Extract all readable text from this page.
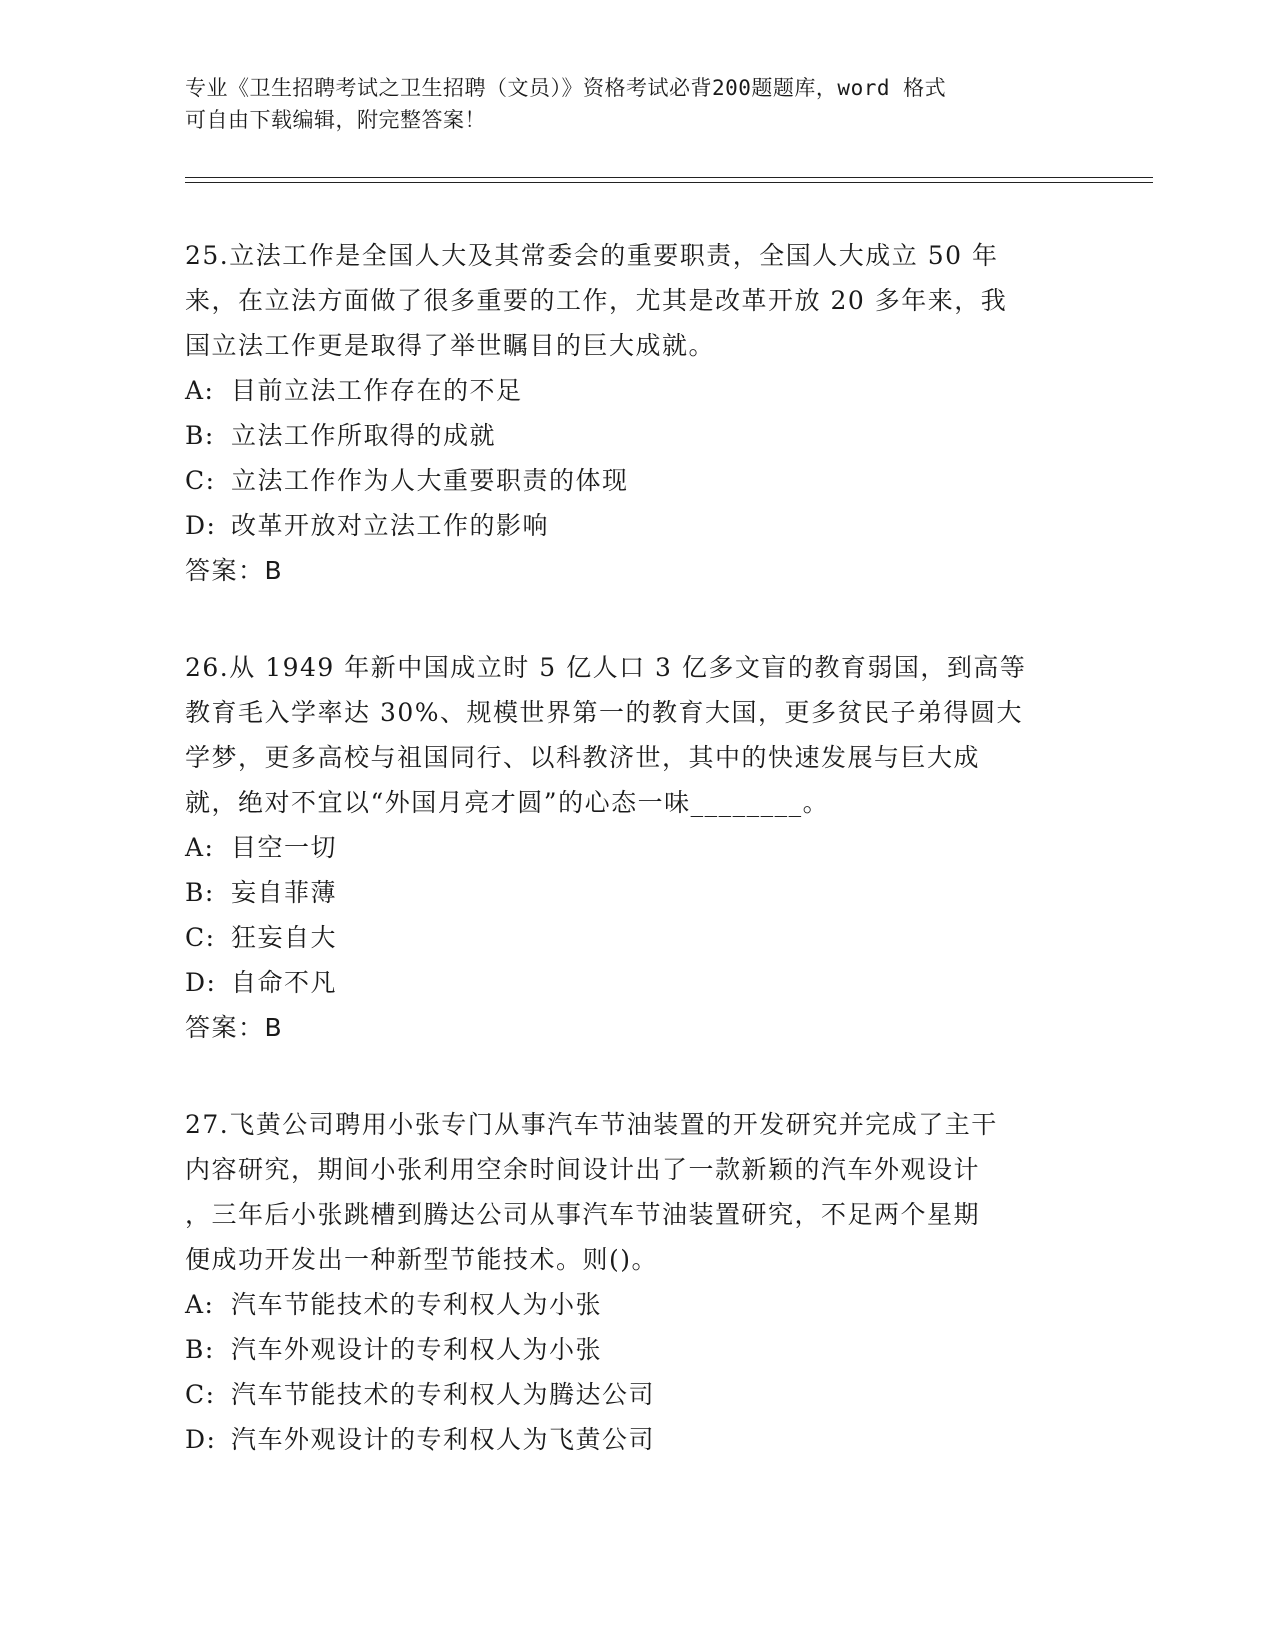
专业《卫生招聘考试之卫生招聘（文员）》资格考试必背200题题库，word 格式
可自由下载编辑，附完整答案！
25.立法工作是全国人大及其常委会的重要职责，全国人大成立 50 年
来，在立法方面做了很多重要的工作，尤其是改革开放 20 多年来，我
国立法工作更是取得了举世瞩目的巨大成就。
A: 目前立法工作存在的不足
B: 立法工作所取得的成就
C: 立法工作作为人大重要职责的体现
D: 改革开放对立法工作的影响
答案：B
26.从 1949 年新中国成立时 5 亿人口 3 亿多文盲的教育弱国，到高等
教育毛入学率达 30%、规模世界第一的教育大国，更多贫民子弟得圆大
学梦，更多高校与祖国同行、以科教济世，其中的快速发展与巨大成
就，绝对不宜以“外国月亮才圆”的心态一味________。
A: 目空一切
B: 妄自菲薄
C: 狂妄自大
D: 自命不凡
答案：B
27.飞黄公司聘用小张专门从事汽车节油装置的开发研究并完成了主干
内容研究，期间小张利用空余时间设计出了一款新颖的汽车外观设计
，三年后小张跳槽到腾达公司从事汽车节油装置研究，不足两个星期
便成功开发出一种新型节能技术。则()。
A: 汽车节能技术的专利权人为小张
B: 汽车外观设计的专利权人为小张
C: 汽车节能技术的专利权人为腾达公司
D: 汽车外观设计的专利权人为飞黄公司
